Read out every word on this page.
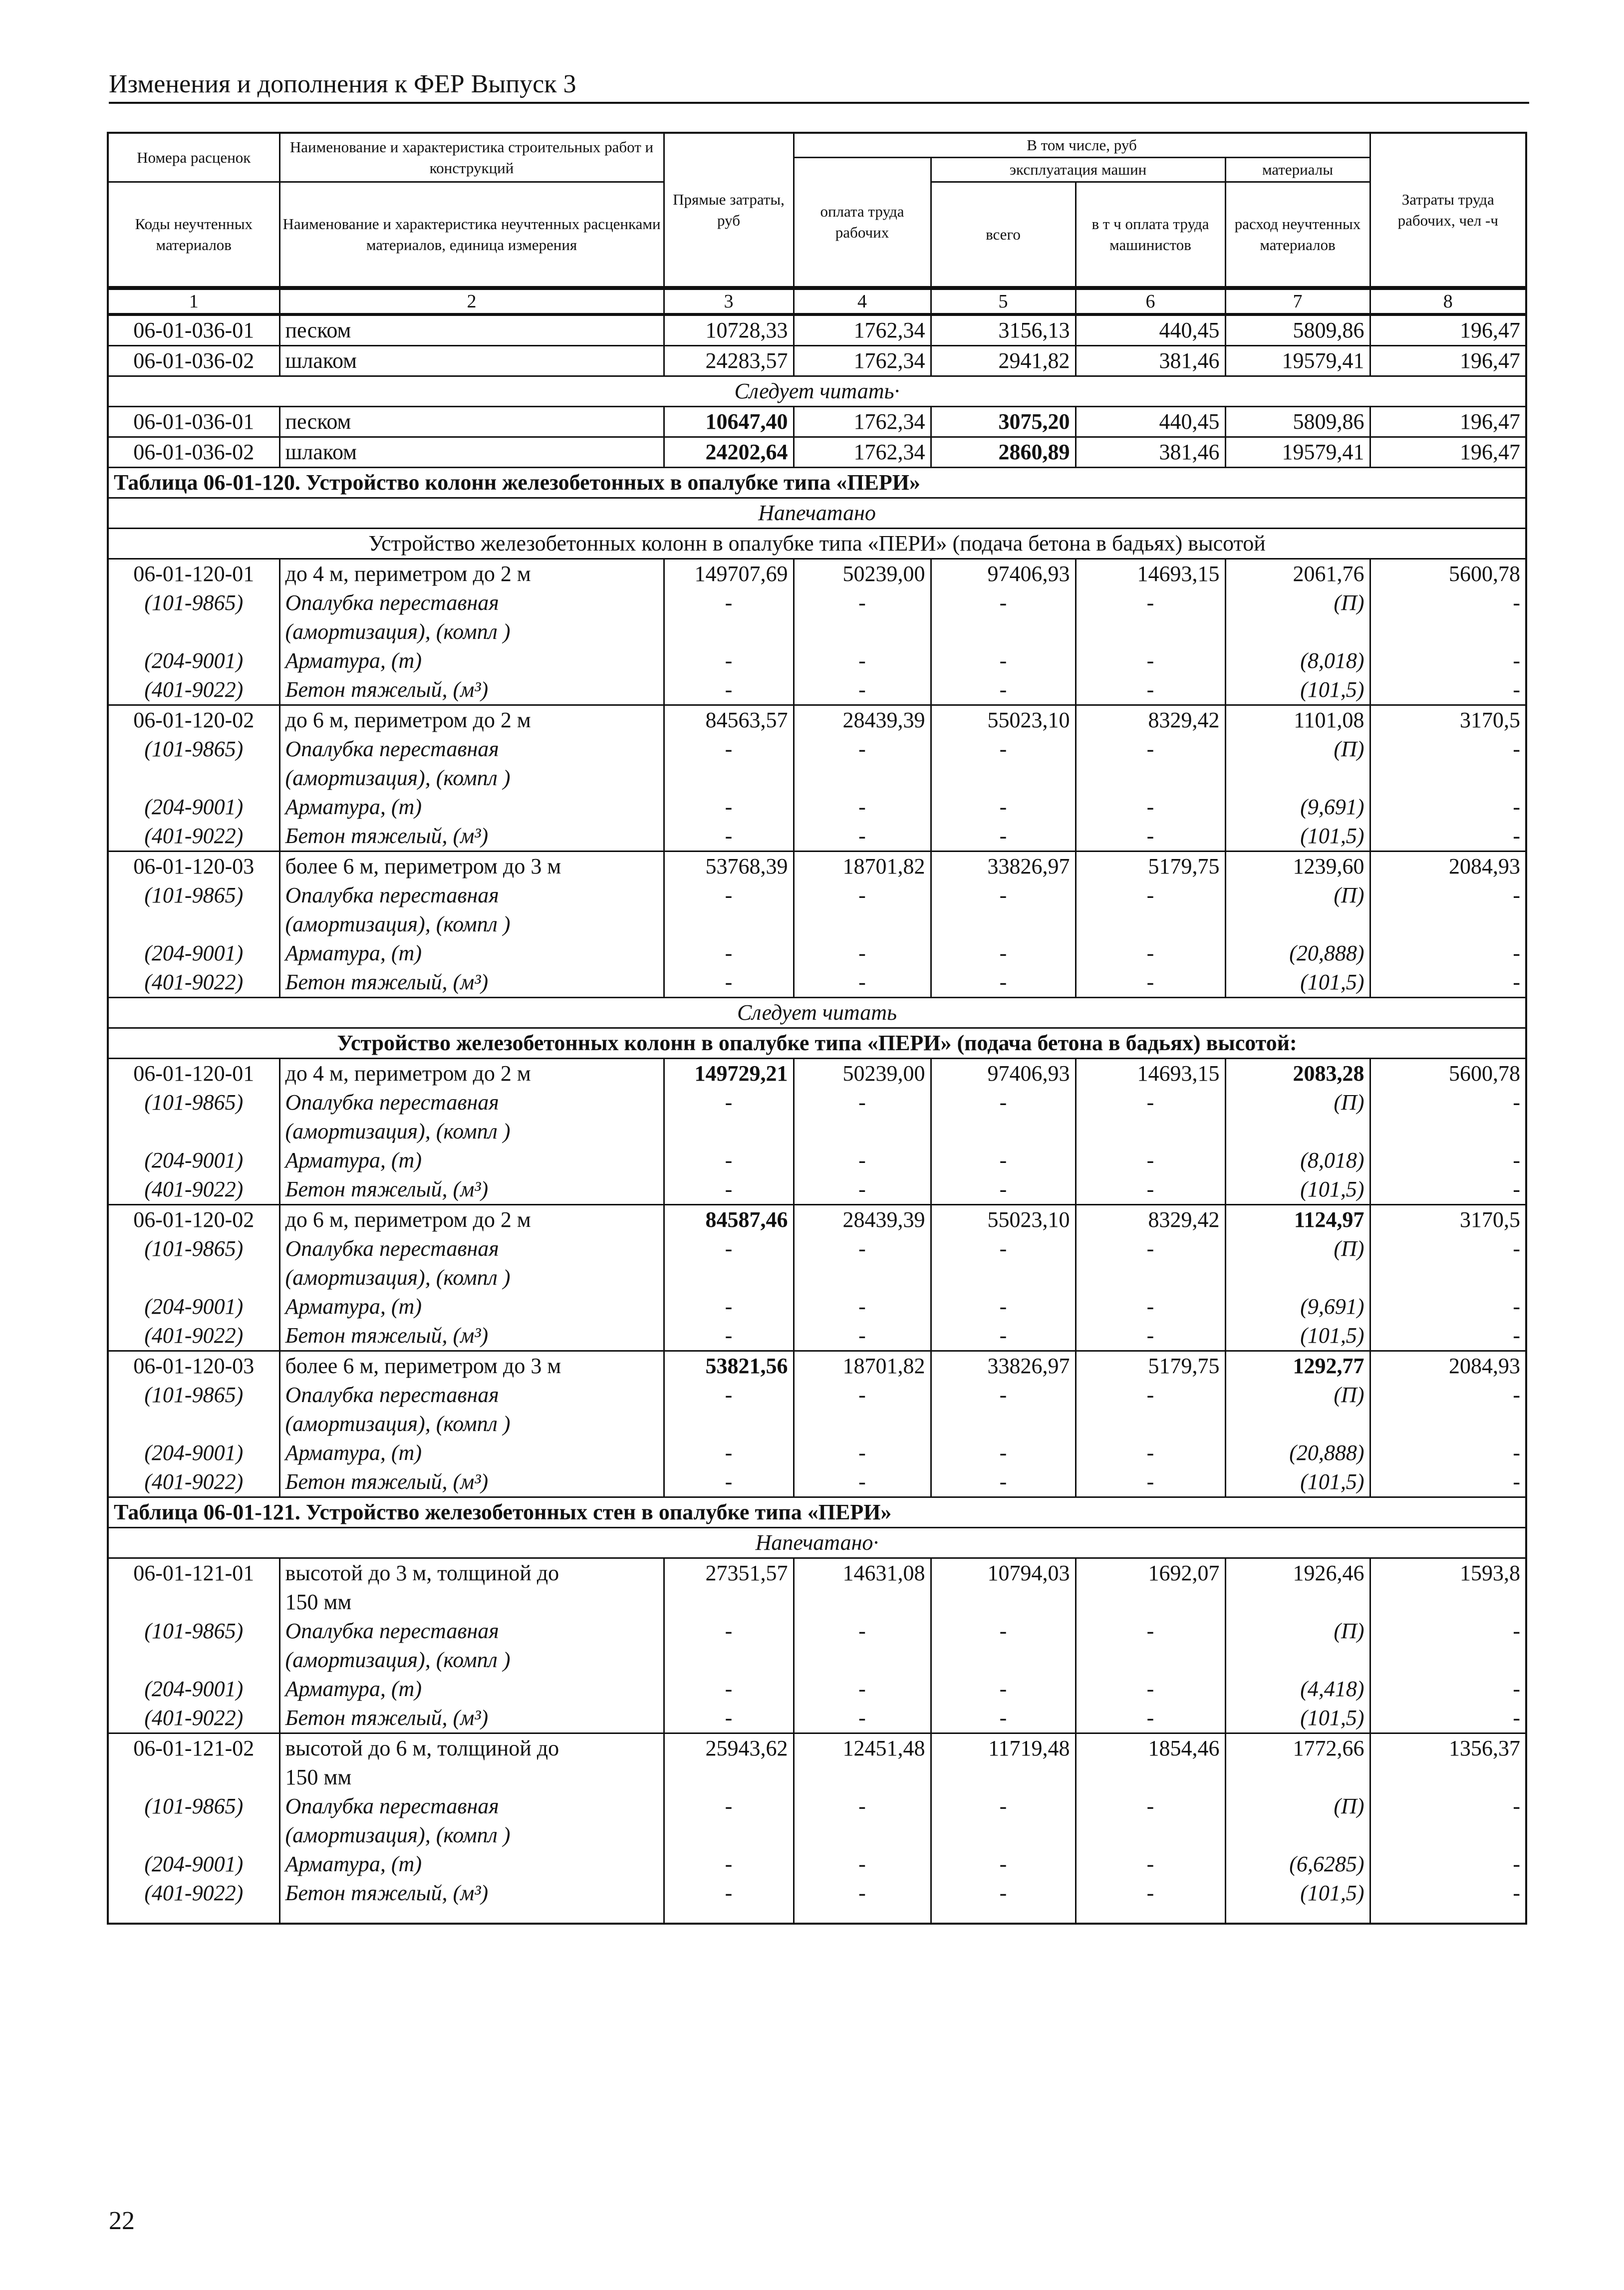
Изменения и дополнения к ФЕР Выпуск 3
Номера расценок	Наименование и характеристика строительных работ и конструкций	Прямые затраты, руб	В том числе, руб				Затраты труда рабочих, чел -ч
			оплата труда рабочих	эксплуатация машин		материалы	
Коды неучтенных материалов	Наименование и характеристика неучтенных расценками материалов, единица измерения			всего	в т ч оплата труда машинистов	расход неучтенных материалов	

1	2	3	4	5	6	7	8
06-01-036-01	песком	10728,33	1762,34	3156,13	440,45	5809,86	196,47
06-01-036-02	шлаком	24283,57	1762,34	2941,82	381,46	19579,41	196,47
Следует читать·							
06-01-036-01	песком	10647,40	1762,34	3075,20	440,45	5809,86	196,47
06-01-036-02	шлаком	24202,64	1762,34	2860,89	381,46	19579,41	196,47
Таблица 06-01-120. Устройство колонн железобетонных в опалубке типа «ПЕРИ»							
Напечатано							
Устройство железобетонных колонн в опалубке типа «ПЕРИ» (подача бетона в бадьях) высотой							
06-01-120-01	до 4 м, периметром до 2 м	149707,69	50239,00	97406,93	14693,15	2061,76	5600,78
(101-9865)	Опалубка переставная	-	-	-	-	(П)	-
	(амортизация), (компл )						
(204-9001)	Арматура, (т)	-	-	-	-	(8,018)	-
(401-9022)	Бетон тяжелый, (м³)	-	-	-	-	(101,5)	-
06-01-120-02	до 6 м, периметром до 2 м	84563,57	28439,39	55023,10	8329,42	1101,08	3170,5
(101-9865)	Опалубка переставная	-	-	-	-	(П)	-
	(амортизация), (компл )						
(204-9001)	Арматура, (т)	-	-	-	-	(9,691)	-
(401-9022)	Бетон тяжелый, (м³)	-	-	-	-	(101,5)	-
06-01-120-03	более 6 м, периметром до 3 м	53768,39	18701,82	33826,97	5179,75	1239,60	2084,93
(101-9865)	Опалубка переставная	-	-	-	-	(П)	-
	(амортизация), (компл )						
(204-9001)	Арматура, (т)	-	-	-	-	(20,888)	-
(401-9022)	Бетон тяжелый, (м³)	-	-	-	-	(101,5)	-
Следует читать							
Устройство железобетонных колонн в опалубке типа «ПЕРИ» (подача бетона в бадьях) высотой:							
06-01-120-01	до 4 м, периметром до 2 м	149729,21	50239,00	97406,93	14693,15	2083,28	5600,78
(101-9865)	Опалубка переставная	-	-	-	-	(П)	-
	(амортизация), (компл )						
(204-9001)	Арматура, (т)	-	-	-	-	(8,018)	-
(401-9022)	Бетон тяжелый, (м³)	-	-	-	-	(101,5)	-
06-01-120-02	до 6 м, периметром до 2 м	84587,46	28439,39	55023,10	8329,42	1124,97	3170,5
(101-9865)	Опалубка переставная	-	-	-	-	(П)	-
	(амортизация), (компл )						
(204-9001)	Арматура, (т)	-	-	-	-	(9,691)	-
(401-9022)	Бетон тяжелый, (м³)	-	-	-	-	(101,5)	-
06-01-120-03	более 6 м, периметром до 3 м	53821,56	18701,82	33826,97	5179,75	1292,77	2084,93
(101-9865)	Опалубка переставная	-	-	-	-	(П)	-
	(амортизация), (компл )						
(204-9001)	Арматура, (т)	-	-	-	-	(20,888)	-
(401-9022)	Бетон тяжелый, (м³)	-	-	-	-	(101,5)	-
Таблица 06-01-121. Устройство железобетонных стен в опалубке типа «ПЕРИ»							
Напечатано·							
06-01-121-01	высотой до 3 м, толщиной до	27351,57	14631,08	10794,03	1692,07	1926,46	1593,8
	150 мм						
(101-9865)	Опалубка переставная	-	-	-	-	(П)	-
	(амортизация), (компл )						
(204-9001)	Арматура, (т)	-	-	-	-	(4,418)	-
(401-9022)	Бетон тяжелый, (м³)	-	-	-	-	(101,5)	-
06-01-121-02	высотой до 6 м, толщиной до	25943,62	12451,48	11719,48	1854,46	1772,66	1356,37
	150 мм						
(101-9865)	Опалубка переставная	-	-	-	-	(П)	-
	(амортизация), (компл )						
(204-9001)	Арматура, (т)	-	-	-	-	(6,6285)	-
(401-9022)	Бетон тяжелый, (м³)	-	-	-	-	(101,5)	-

22
